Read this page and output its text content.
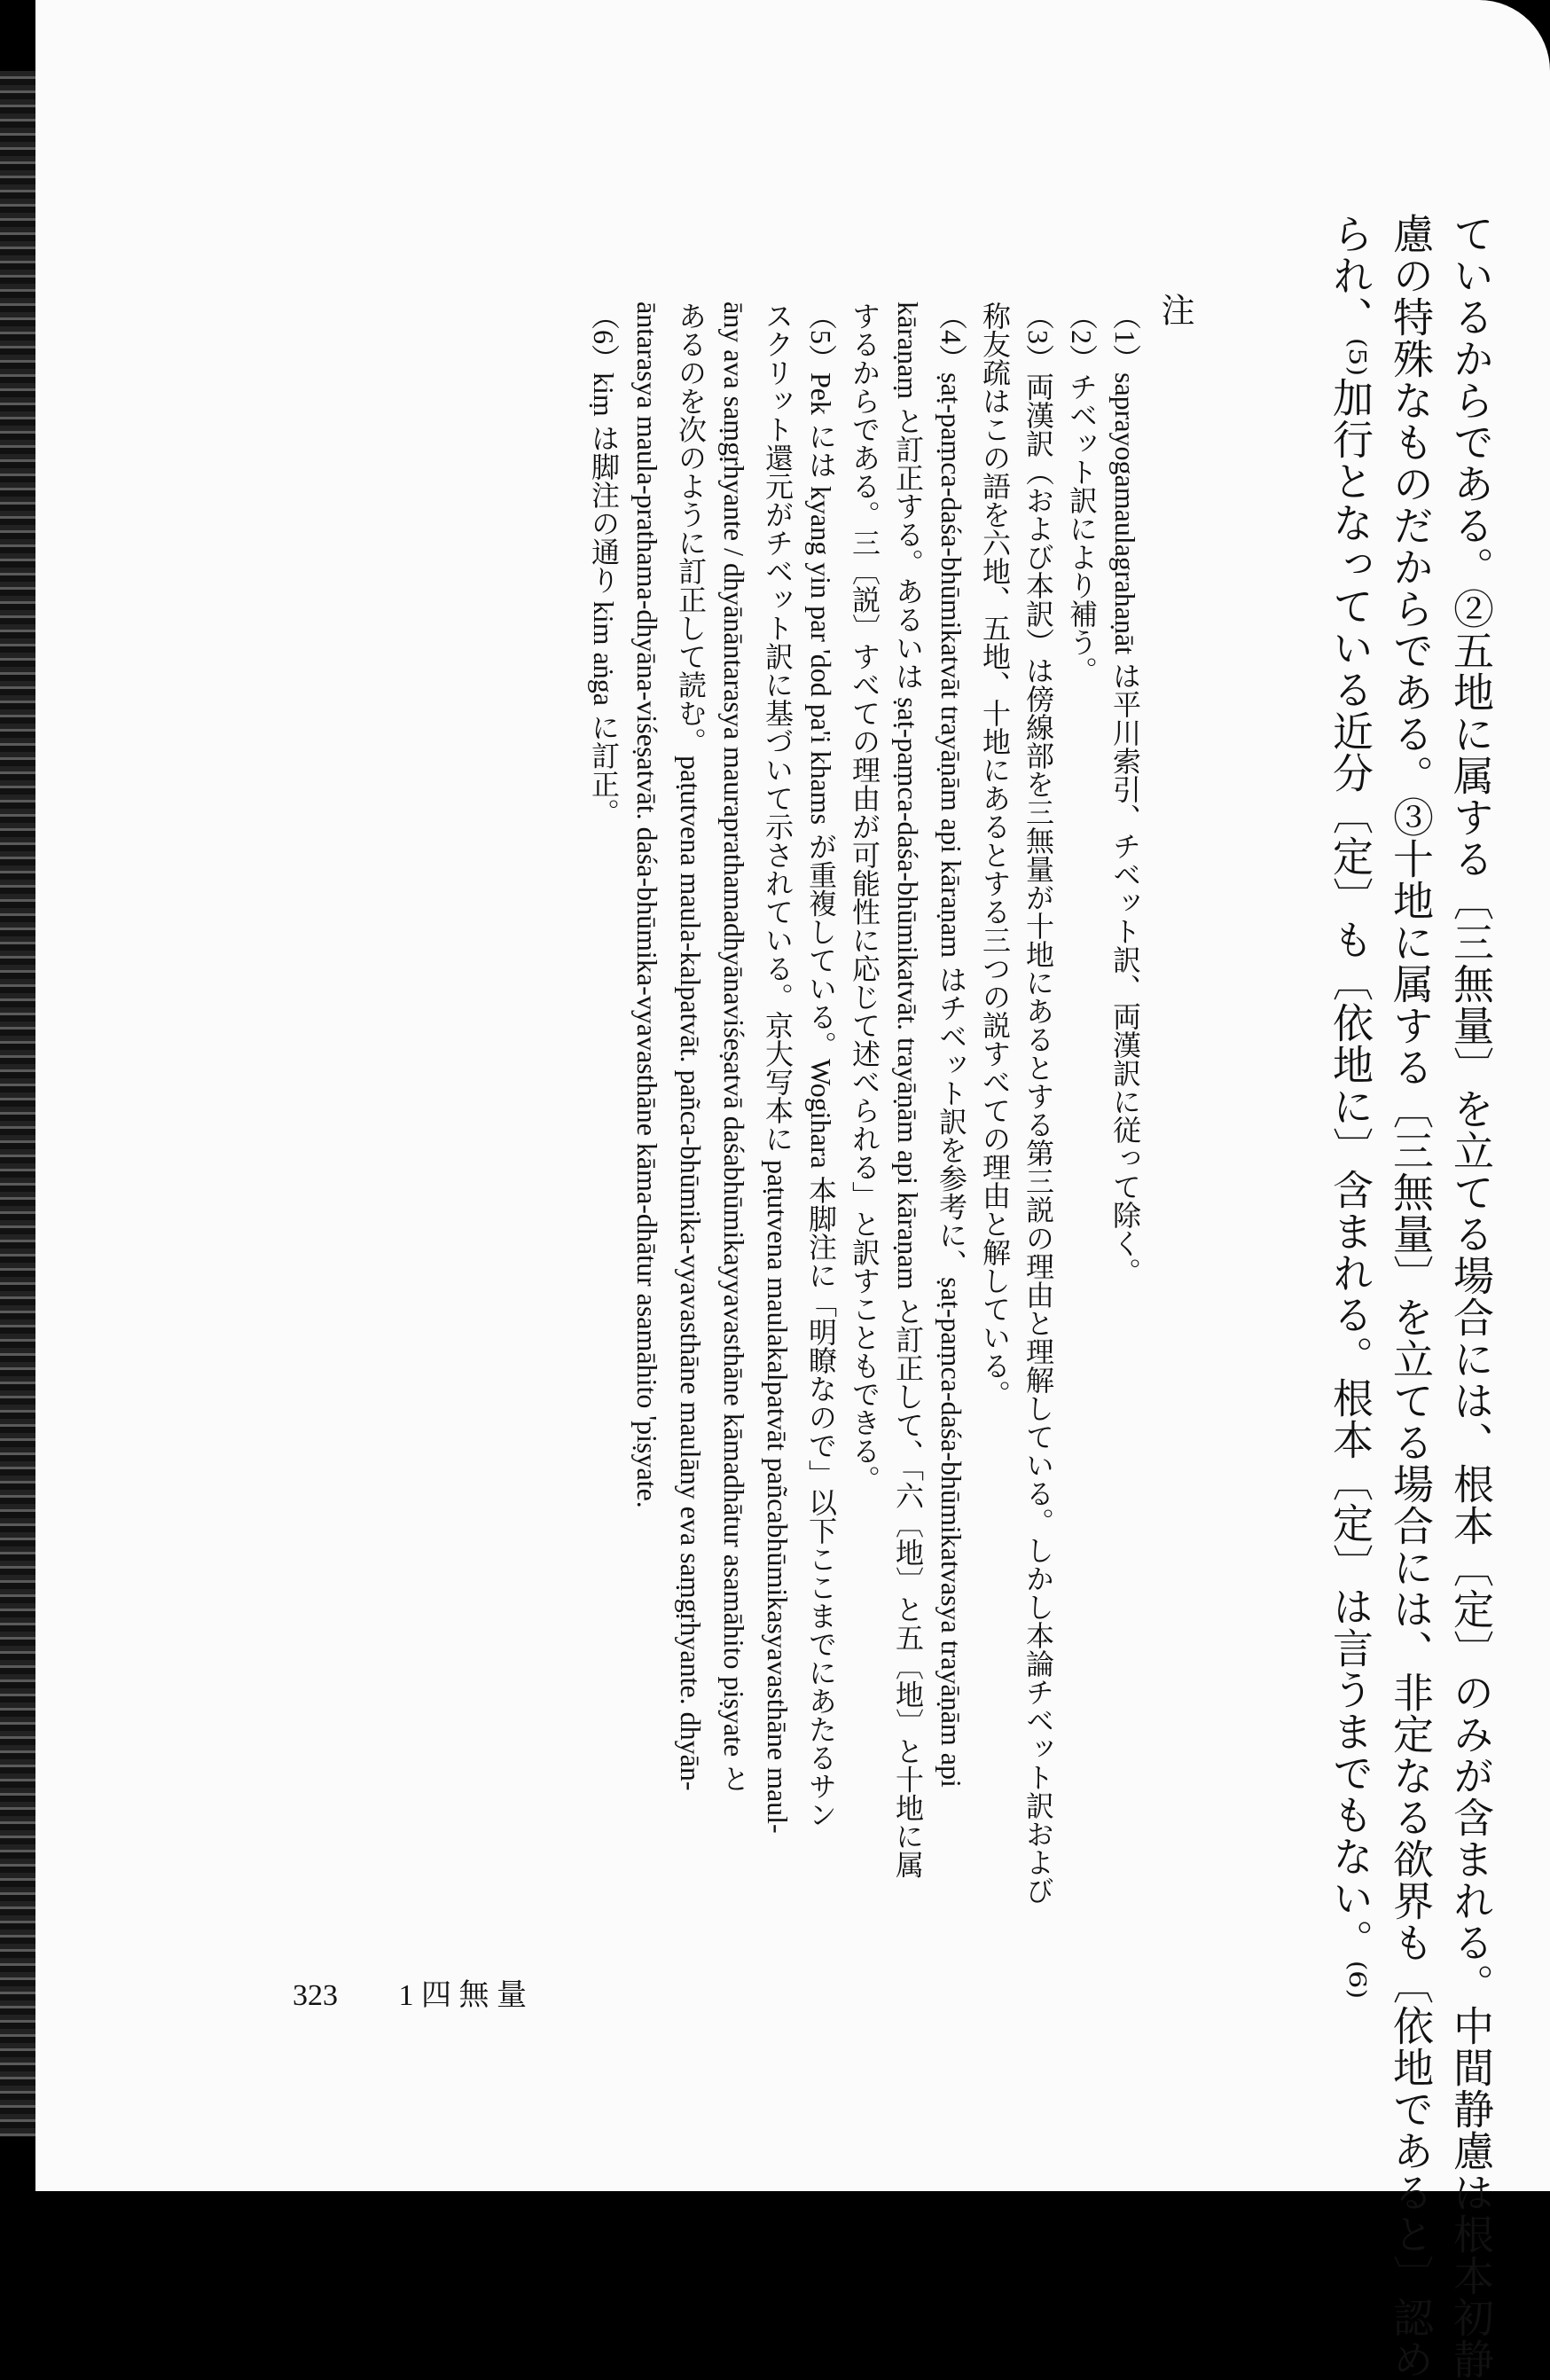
ているからである。②五地に属する〔三無量〕を立てる場合には、根本〔定〕のみが含まれる。中間静慮は根本初静
慮の特殊なものだからである。③十地に属する〔三無量〕を立てる場合には、非定なる欲界も〔依地であると〕認め
られ、⁽⁵⁾加行となっている近分〔定〕も〔依地に〕含まれる。根本〔定〕は言うまでもない。⁽⁶⁾
注
（1）saprayogamaulagrahaṇāt は平川索引、チベット訳、両漢訳に従って除く。
（2）チベット訳により補う。
（3）両漢訳（および本訳）は傍線部を三無量が十地にあるとする第三説の理由と理解している。しかし本論チベット訳および
称友疏はこの語を六地、五地、十地にあるとする三つの説すべての理由と解している。
（4）ṣaṭ-paṃca-daśa-bhūmikatvāt trayāṇām api kāraṇam はチベット訳を参考に、ṣaṭ-paṃca-daśa-bhūmikatvasya trayāṇām api
kāraṇaṃ と訂正する。あるいは ṣaṭ-paṃca-daśa-bhūmikatvāt. trayāṇām api kāraṇam と訂正して、「六〔地〕と五〔地〕と十地に属
するからである。三〔説〕すべての理由が可能性に応じて述べられる」と訳すこともできる。
（5）Pek には kyang yin par 'dod pa'i khams が重複している。Wogihara 本脚注に「明瞭なので」以下ここまでにあたるサン
スクリット還元がチベット訳に基づいて示されている。京大写本に paṭutvena maulakalpatvāt pañcabhūmikasyavasthāne maul-
āny ava saṃgṛhyante / dhyānāntarasya mauraprathamadhyānaviśeṣatvā daśabhūmikayyavasthāne kāmadhātur asamāhito piṣyate と
あるのを次のように訂正して読む。paṭutvena maula-kalpatvāt. pañca-bhūmika-vyavasthāne maulāny eva saṃgṛhyante. dhyān-
āntarasya maula-prathama-dhyāna-viśeṣatvāt. daśa-bhūmika-vyavasthāne kāma-dhātur asamāhito 'piṣyate.
（6）kiṃ は脚注の通り kim aṅga に訂正。
323 1 四 無 量
